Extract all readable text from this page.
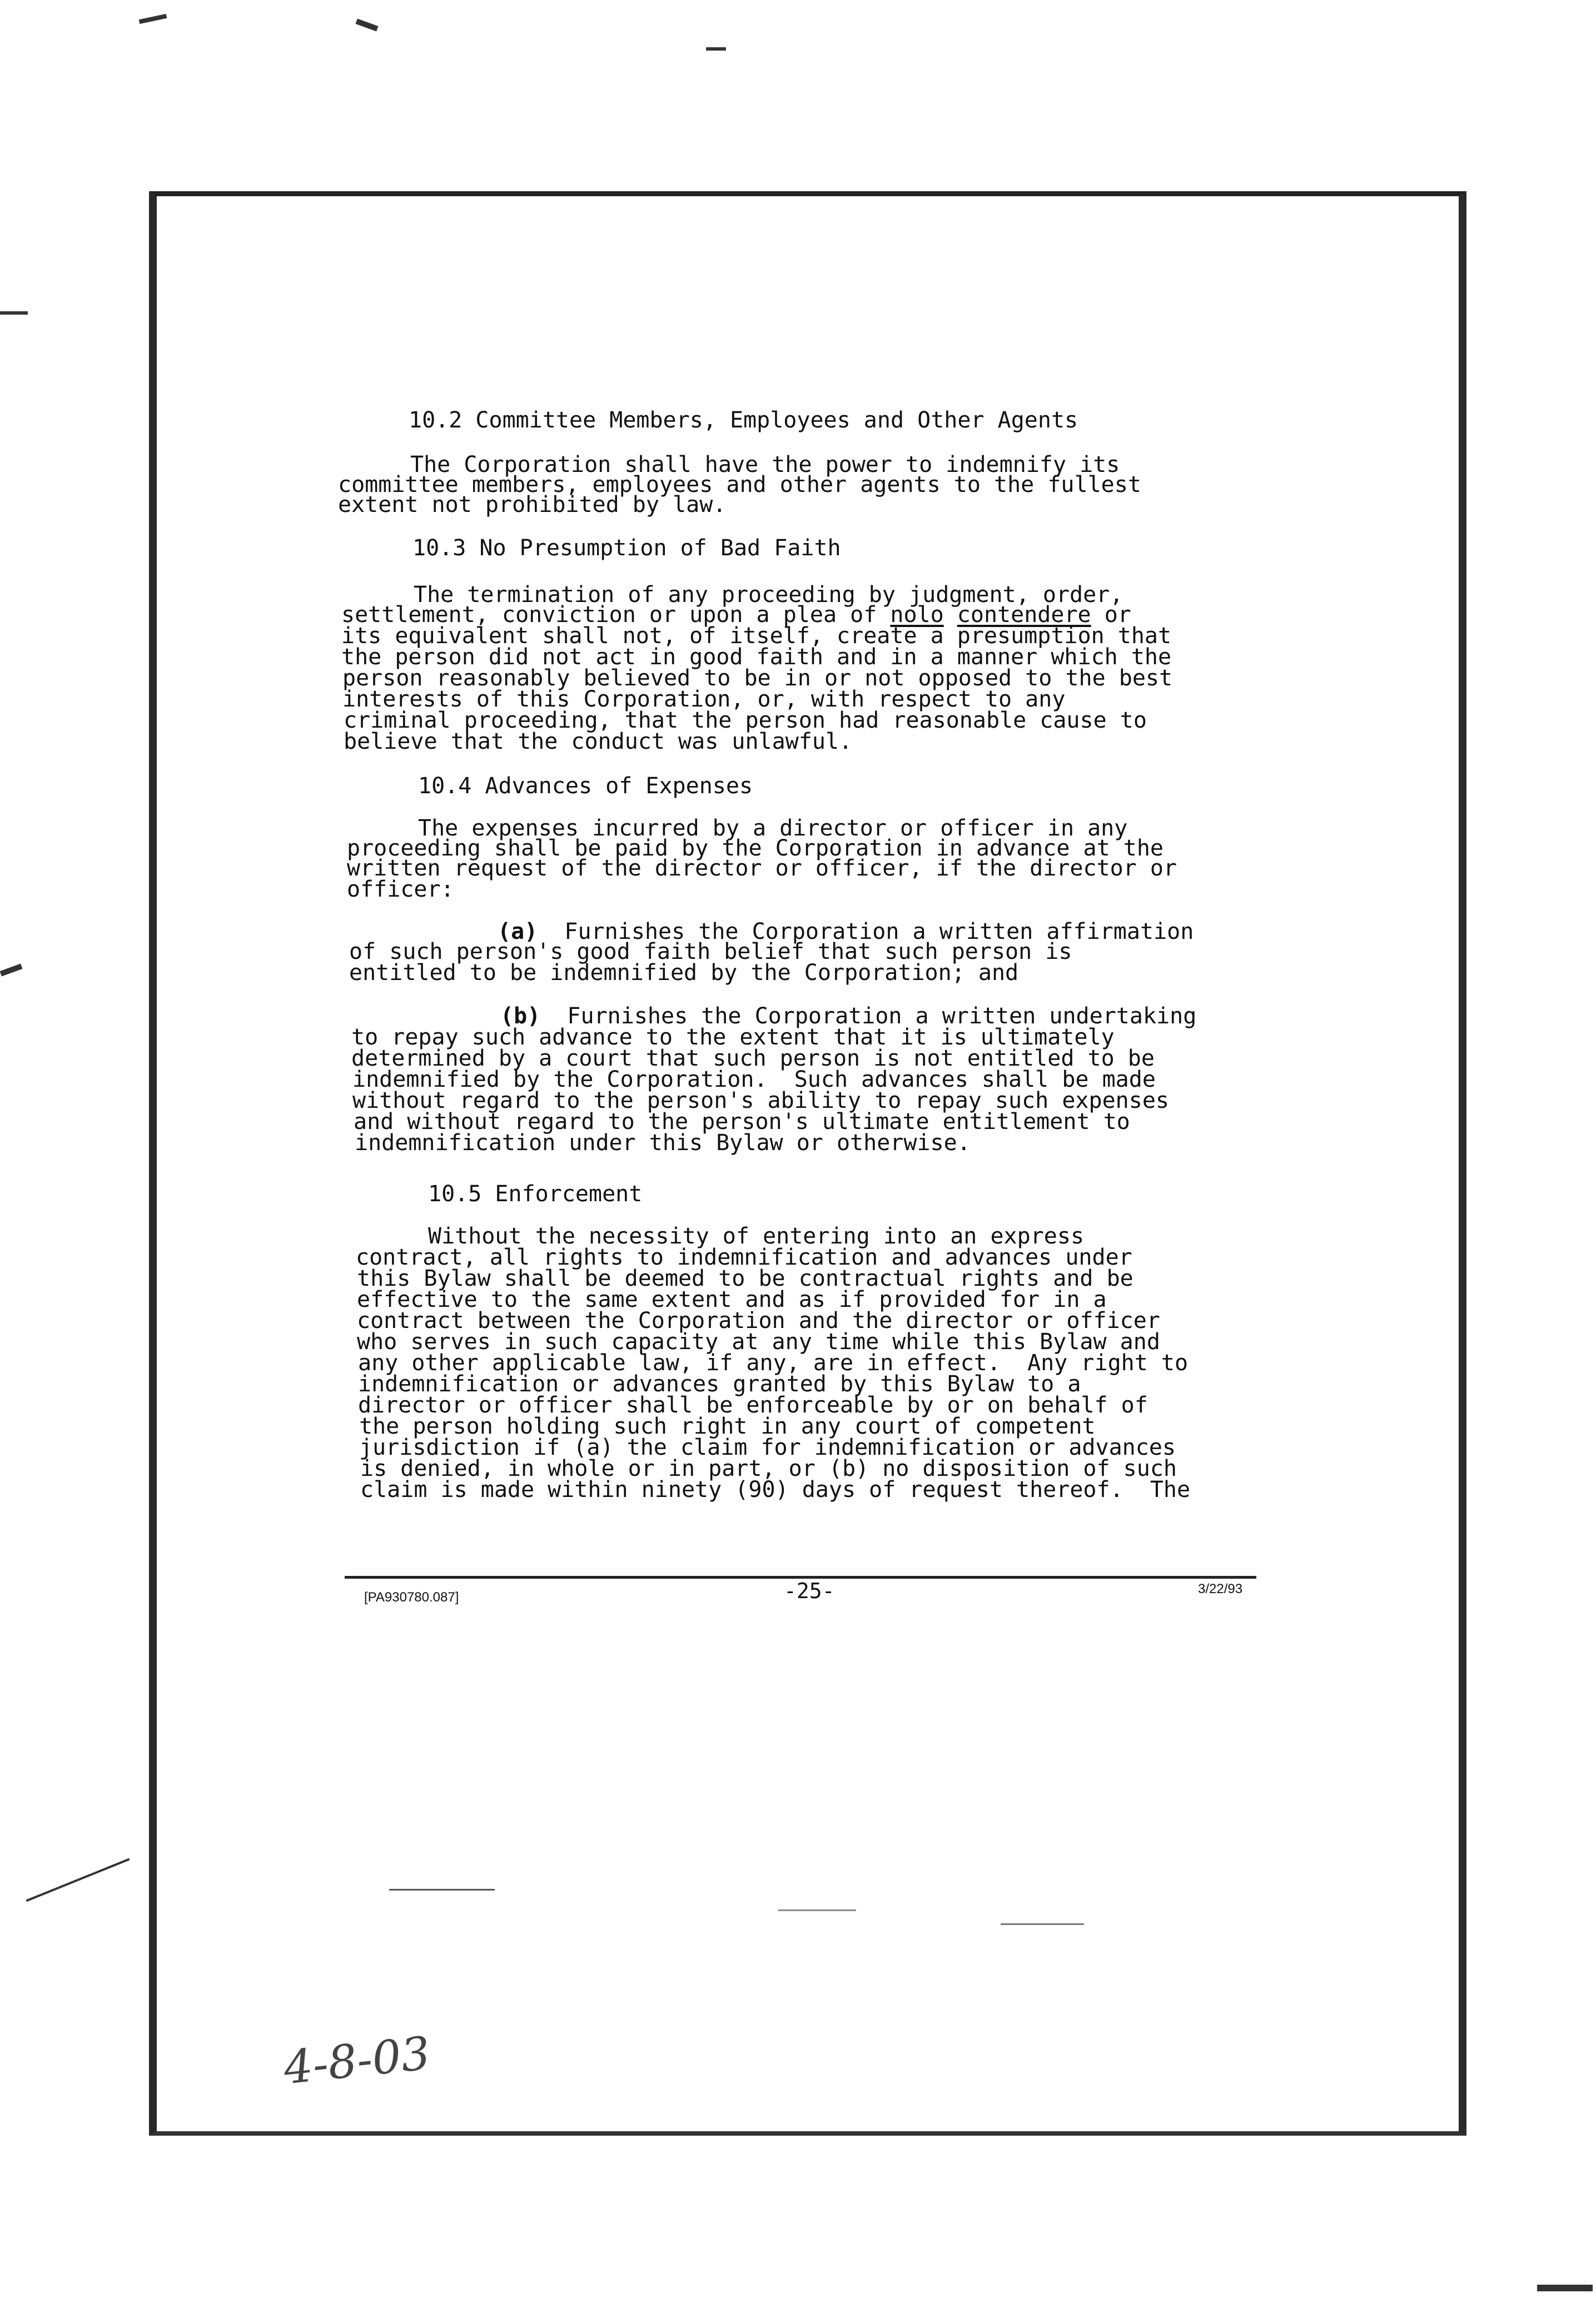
10.2 Committee Members, Employees and Other Agents
The Corporation shall have the power to indemnify its
committee members, employees and other agents to the fullest
extent not prohibited by law.
10.3 No Presumption of Bad Faith
The termination of any proceeding by judgment, order,
settlement, conviction or upon a plea of nolo contendere or
its equivalent shall not, of itself, create a presumption that
the person did not act in good faith and in a manner which the
person reasonably believed to be in or not opposed to the best
interests of this Corporation, or, with respect to any
criminal proceeding, that the person had reasonable cause to
believe that the conduct was unlawful.
10.4 Advances of Expenses
The expenses incurred by a director or officer in any
proceeding shall be paid by the Corporation in advance at the
written request of the director or officer, if the director or
officer:
(a) Furnishes the Corporation a written affirmation
of such person's good faith belief that such person is
entitled to be indemnified by the Corporation; and
(b) Furnishes the Corporation a written undertaking
to repay such advance to the extent that it is ultimately
determined by a court that such person is not entitled to be
indemnified by the Corporation.  Such advances shall be made
without regard to the person's ability to repay such expenses
and without regard to the person's ultimate entitlement to
indemnification under this Bylaw or otherwise.
10.5 Enforcement
Without the necessity of entering into an express
contract, all rights to indemnification and advances under
this Bylaw shall be deemed to be contractual rights and be
effective to the same extent and as if provided for in a
contract between the Corporation and the director or officer
who serves in such capacity at any time while this Bylaw and
any other applicable law, if any, are in effect.  Any right to
indemnification or advances granted by this Bylaw to a
director or officer shall be enforceable by or on behalf of
the person holding such right in any court of competent
jurisdiction if (a) the claim for indemnification or advances
is denied, in whole or in part, or (b) no disposition of such
claim is made within ninety (90) days of request thereof.  The
[PA930780.087]	-25-	3/22/93
4-8-03
